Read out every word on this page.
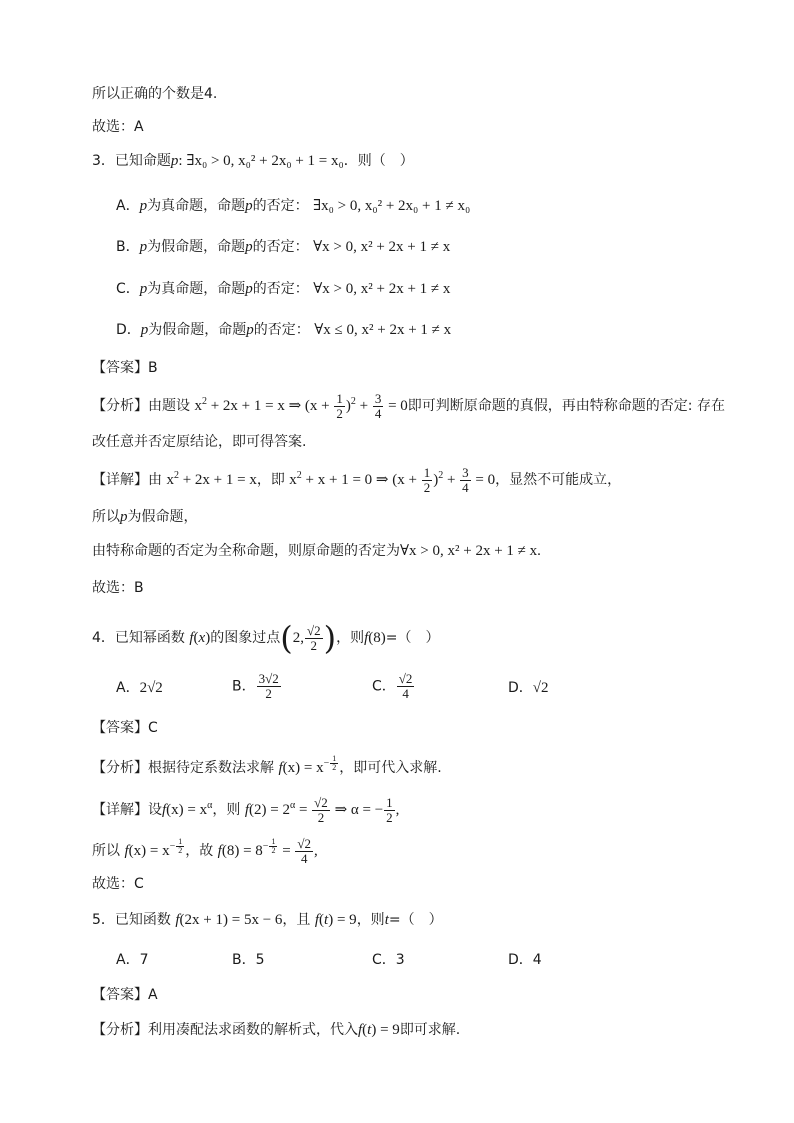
所以正确的个数是4.
故选：A
3．已知命题p: ∃x₀ > 0, x₀² + 2x₀ + 1 = x₀．则（　）
A．p为真命题，命题p的否定： ∃x₀ > 0, x₀² + 2x₀ + 1 ≠ x₀
B．p为假命题，命题p的否定： ∀x > 0, x² + 2x + 1 ≠ x
C．p为真命题，命题p的否定： ∀x > 0, x² + 2x + 1 ≠ x
D．p为假命题，命题p的否定： ∀x ≤ 0, x² + 2x + 1 ≠ x
【答案】B
【分析】由题设 $x^2 + 2x + 1 = x$ ⇒ $(x + \frac{1}{2} )^2 + \frac{3}{4} = 0$即可判断原命题的真假，再由特称命题的否定: 存在
改任意并否定原结论，即可得答案.
【详解】由 $x^2 + 2x + 1 = x$，即 $x^2 + x + 1 = 0$ ⇒ $(x + \frac{1}{2} )^2 + \frac{3}{4} = 0$，显然不可能成立，
所以p为假命题，
由特称命题的否定为全称命题，则原命题的否定为∀x > 0, x² + 2x + 1 ≠ x.
故选：B
4．已知幂函数 f(x)的图象过点(2, $\frac{√2}{2}$ )，则f(8)=（　）
A．2√2	B． $\frac{3√2}{2}$	C． $\frac{√2}{4}$	D．√2
【答案】C
【分析】根据待定系数法求解 $f(x) = x^{- \frac{1}{2}}$ ，即可代入求解.
【详解】设$f(x) = x^\alpha$，则 $f(2) = 2^\alpha = \frac{√2}{2}$ ⇒ α = − $\frac{1}{2}$ ,
所以 $f(x) = x^{- \frac{1}{2}}$ ，故 $f(8) = 8^{- \frac{1}{2}} = \frac{√2}{4}$ ,
故选：C
5．已知函数 f(2x + 1) = 5x − 6，且 f(t) = 9，则t=（　）
A．7	B．5	C．3	D．4
【答案】A
【分析】利用凑配法求函数的解析式，代入f(t) = 9即可求解.
